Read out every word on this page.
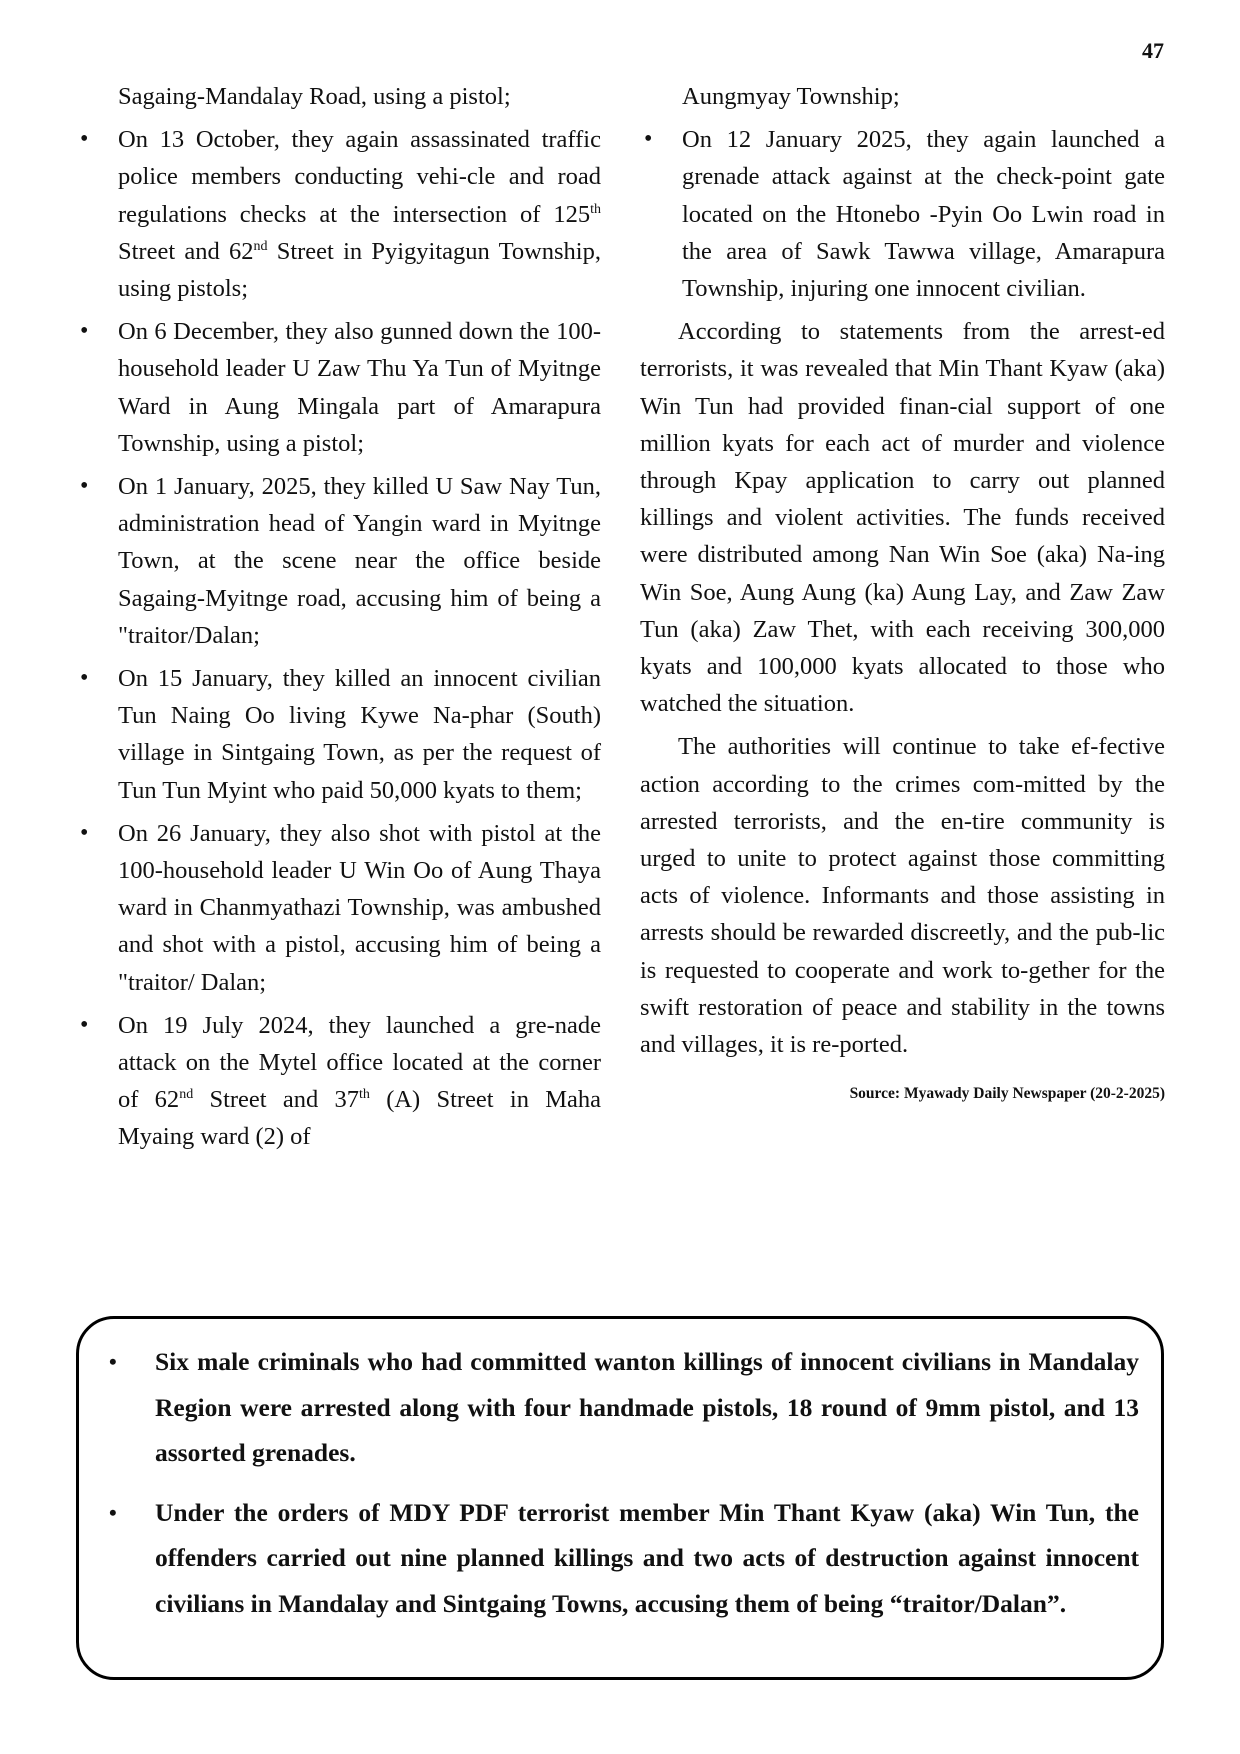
47

Sagaing-Mandalay Road, using a pistol;

• On 13 October, they again assassinated traffic police members conducting vehi-cle and road regulations checks at the intersection of 125th Street and 62nd Street in Pyigyitagun Township, using pistols;
• On 6 December, they also gunned down the 100-household leader U Zaw Thu Ya Tun of Myitnge Ward in Aung Mingala part of Amarapura Township, using a pistol;
• On 1 January, 2025, they killed U Saw Nay Tun, administration head of Yangin ward in Myitnge Town, at the scene near the office beside Sagaing-Myitnge road, accusing him of being a "traitor/Dalan;
• On 15 January, they killed an innocent civilian Tun Naing Oo living Kywe Na-phar (South) village in Sintgaing Town, as per the request of Tun Tun Myint who paid 50,000 kyats to them;
• On 26 January, they also shot with pistol at the 100-household leader U Win Oo of Aung Thaya ward in Chanmyathazi Township, was ambushed and shot with a pistol, accusing him of being a "traitor/ Dalan;
• On 19 July 2024, they launched a gre-nade attack on the Mytel office located at the corner of 62nd Street and 37th (A) Street in Maha Myaing ward (2) of

Aungmyay Township;

• On 12 January 2025, they again launched a grenade attack against at the check-point gate located on the Htonebo -Pyin Oo Lwin road in the area of Sawk Tawwa village, Amarapura Township, injuring one innocent civilian.

According to statements from the arrest-ed terrorists, it was revealed that Min Thant Kyaw (aka) Win Tun had provided finan-cial support of one million kyats for each act of murder and violence through Kpay application to carry out planned killings and violent activities. The funds received were distributed among Nan Win Soe (aka) Na-ing Win Soe, Aung Aung (ka) Aung Lay, and Zaw Zaw Tun (aka) Zaw Thet, with each receiving 300,000 kyats and 100,000 kyats allocated to those who watched the situation.

The authorities will continue to take ef-fective action according to the crimes com-mitted by the arrested terrorists, and the en-tire community is urged to unite to protect against those committing acts of violence. Informants and those assisting in arrests should be rewarded discreetly, and the pub-lic is requested to cooperate and work to-gether for the swift restoration of peace and stability in the towns and villages, it is re-ported.

Source: Myawady Daily Newspaper (20-2-2025)
• Six male criminals who had committed wanton killings of innocent civilians in Mandalay Region were arrested along with four handmade pistols, 18 round of 9mm pistol, and 13 assorted grenades.
• Under the orders of MDY PDF terrorist member Min Thant Kyaw (aka) Win Tun, the offenders carried out nine planned killings and two acts of destruction against innocent civilians in Mandalay and Sintgaing Towns, accusing them of being “traitor/Dalan”.
